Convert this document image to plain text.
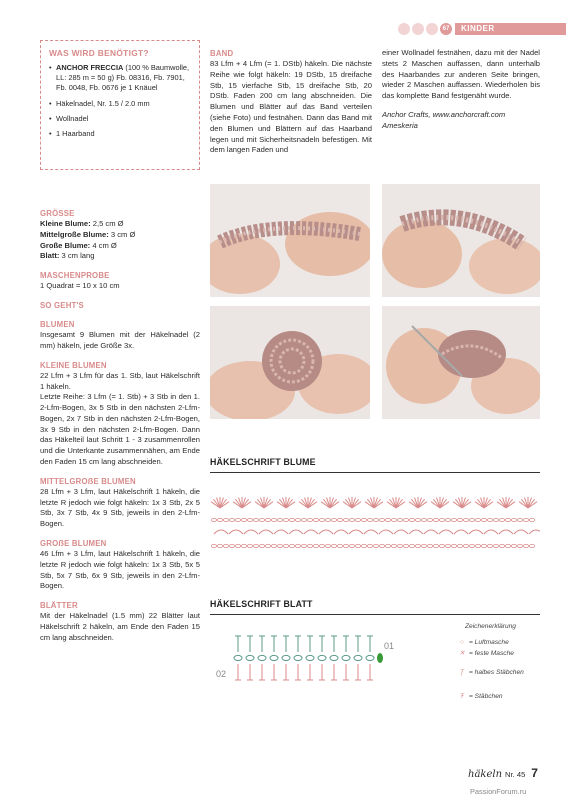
67	KINDER
WAS WIRD BENÖTIGT?
• ANCHOR FRECCIA (100 % Baumwolle, LL: 285 m = 50 g) Fb. 08316, Fb. 7901, Fb. 0048, Fb. 0676 je 1 Knäuel
• Häkelnadel, Nr. 1.5 / 2.0 mm
• Wollnadel
• 1 Haarband
BAND

83 Lfm + 4 Lfm (= 1. DStb) häkeln. Die nächste Reihe wie folgt häkeln: 19 DStb, 15 dreifache Stb, 15 vierfache Stb, 15 dreifache Stb, 20 DStb. Faden 200 cm lang abschneiden. Die Blumen und Blätter auf das Band verteilen (siehe Foto) und festnähen. Dann das Band mit den Blumen und Blättern auf das Haarband legen und mit Sicherheitsnadeln befestigen. Mit dem langen Faden und

einer Wollnadel festnähen, dazu mit der Nadel stets 2 Maschen auffassen, dann unterhalb des Haarbandes zur anderen Seite bringen, wieder 2 Maschen auffassen. Wiederholen bis das komplette Band festgenäht wurde.

Anchor Crafts, www.anchorcraft.com

Ameskeria

GRÖSSE
Kleine Blume: 2,5 cm Ø
Mittelgroße Blume: 3 cm Ø
Große Blume: 4 cm Ø
Blatt: 3 cm lang
MASCHENPROBE

1 Quadrat = 10 x 10 cm

SO GEHT'S
BLUMEN

Insgesamt 9 Blumen mit der Häkelnadel (2 mm) häkeln, jede Größe 3x.

KLEINE BLUMEN

22 Lfm + 3 Lfm für das 1. Stb, laut Häkelschrift 1 häkeln.

Letzte Reihe: 3 Lfm (= 1. Stb) + 3 Stb in den 1. 2-Lfm-Bogen, 3x 5 Stb in den nächsten 2-Lfm-Bogen, 2x 7 Stb in den nächsten 2-Lfm-Bogen, 3x 9 Stb in den nächsten 2-Lfm-Bogen. Dann das Häkelteil laut Schritt 1 - 3 zusammenrollen und die Unterkante zusammennähen, am Ende den Faden 15 cm lang abschneiden.

MITTELGROẞE BLUMEN

28 Lfm + 3 Lfm, laut Häkelschrift 1 häkeln, die letzte R jedoch wie folgt häkeln: 1x 3 Stb, 2x 5 Stb, 3x 7 Stb, 4x 9 Stb, jeweils in den 2-Lfm-Bogen.

GROẞE BLUMEN

46 Lfm + 3 Lfm, laut Häkelschrift 1 häkeln, die letzte R jedoch wie folgt häkeln: 1x 3 Stb, 5x 5 Stb, 5x 7 Stb, 6x 9 Stb, jeweils in den 2-Lfm-Bogen.

BLÄTTER

Mit der Häkelnadel (1.5 mm) 22 Blätter laut Häkelschrift 2 häkeln, am Ende den Faden 15 cm lang abschneiden.

HÄKELSCHRIFT BLUME
HÄKELSCHRIFT BLATT
01
02
Zeichenerklärung
○ = Luftmasche
✕ = feste Masche
Ţ = halbes Stäbchen
Ŧ = Stäbchen
häkeln Nr. 45 7
PassionForum.ru
